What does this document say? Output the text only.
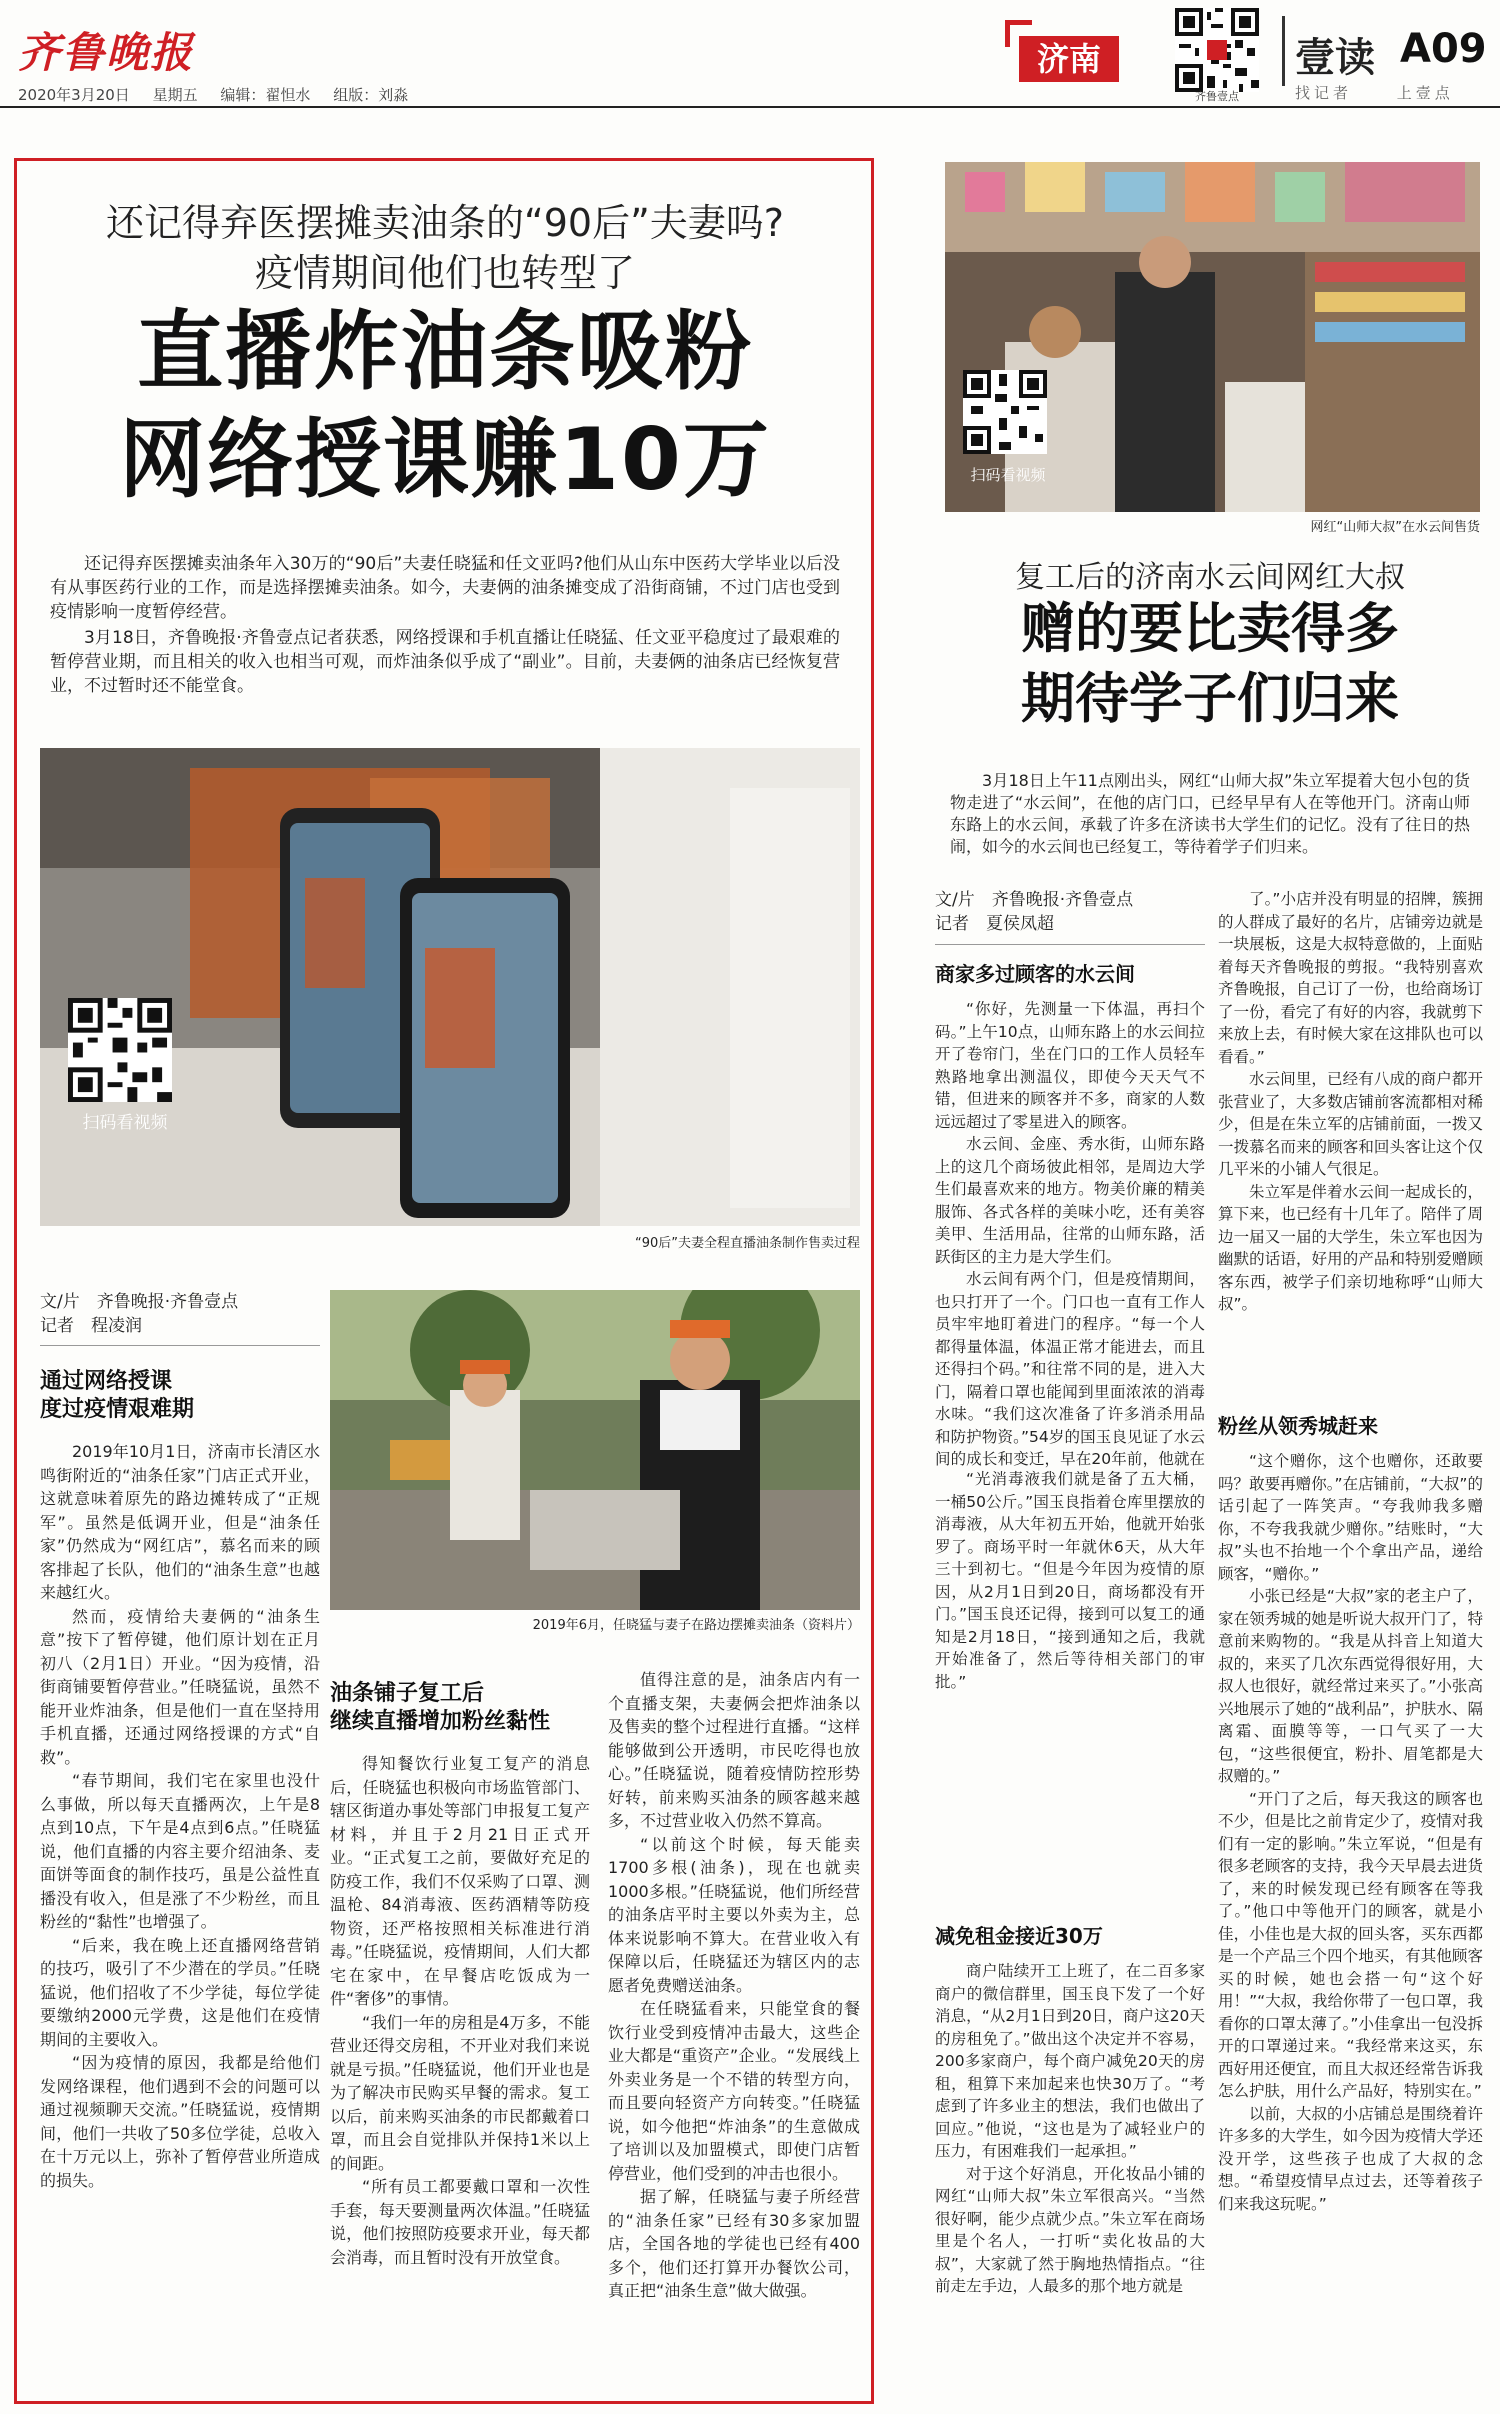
齐鲁晚报
2020年3月20日 星期五 编辑：翟怛水 组版：刘淼
济南
齐鲁壹点
壹读 A09
找记者	上壹点
还记得弃医摆摊卖油条的“90后”夫妻吗?
疫情期间他们也转型了
直播炸油条吸粉
网络授课赚10万

还记得弃医摆摊卖油条年入30万的“90后”夫妻任晓猛和任文亚吗?他们从山东中医药大学毕业以后没有从事医药行业的工作，而是选择摆摊卖油条。如今，夫妻俩的油条摊变成了沿街商铺，不过门店也受到疫情影响一度暂停经营。

3月18日，齐鲁晚报·齐鲁壹点记者获悉，网络授课和手机直播让任晓猛、任文亚平稳度过了最艰难的暂停营业期，而且相关的收入也相当可观，而炸油条似乎成了“副业”。目前，夫妻俩的油条店已经恢复营业，不过暂时还不能堂食。

扫码看视频
“90后”夫妻全程直播油条制作售卖过程
文/片　齐鲁晚报·齐鲁壹点
记者　程凌润
2019年6月，任晓猛与妻子在路边摆摊卖油条（资料片）
通过网络授课
度过疫情艰难期

2019年10月1日，济南市长清区水鸣街附近的“油条任家”门店正式开业，这就意味着原先的路边摊转成了“正规军”。虽然是低调开业，但是“油条任家”仍然成为“网红店”，慕名而来的顾客排起了长队，他们的“油条生意”也越来越红火。

然而，疫情给夫妻俩的“油条生意”按下了暂停键，他们原计划在正月初八（2月1日）开业。“因为疫情，沿街商铺要暂停营业。”任晓猛说，虽然不能开业炸油条，但是他们一直在坚持用手机直播，还通过网络授课的方式“自救”。

“春节期间，我们宅在家里也没什么事做，所以每天直播两次，上午是8点到10点，下午是4点到6点。”任晓猛说，他们直播的内容主要介绍油条、麦面饼等面食的制作技巧，虽是公益性直播没有收入，但是涨了不少粉丝，而且粉丝的“黏性”也增强了。

“后来，我在晚上还直播网络营销的技巧，吸引了不少潜在的学员。”任晓猛说，他们招收了不少学徒，每位学徒要缴纳2000元学费，这是他们在疫情期间的主要收入。

“因为疫情的原因，我都是给他们发网络课程，他们遇到不会的问题可以通过视频聊天交流。”任晓猛说，疫情期间，他们一共收了50多位学徒，总收入在十万元以上，弥补了暂停营业所造成的损失。

油条铺子复工后
继续直播增加粉丝黏性

得知餐饮行业复工复产的消息后，任晓猛也积极向市场监管部门、辖区街道办事处等部门申报复工复产材料，并且于2月21日正式开业。“正式复工之前，要做好充足的防疫工作，我们不仅采购了口罩、测温枪、84消毒液、医药酒精等防疫物资，还严格按照相关标准进行消毒。”任晓猛说，疫情期间，人们大都宅在家中，在早餐店吃饭成为一件“奢侈”的事情。

“我们一年的房租是4万多，不能营业还得交房租，不开业对我们来说就是亏损。”任晓猛说，他们开业也是为了解决市民购买早餐的需求。复工以后，前来购买油条的市民都戴着口罩，而且会自觉排队并保持1米以上的间距。

“所有员工都要戴口罩和一次性手套，每天要测量两次体温。”任晓猛说，他们按照防疫要求开业，每天都会消毒，而且暂时没有开放堂食。

值得注意的是，油条店内有一个直播支架，夫妻俩会把炸油条以及售卖的整个过程进行直播。“这样能够做到公开透明，市民吃得也放心。”任晓猛说，随着疫情防控形势好转，前来购买油条的顾客越来越多，不过营业收入仍然不算高。

“以前这个时候，每天能卖1700多根(油条)，现在也就卖1000多根。”任晓猛说，他们所经营的油条店平时主要以外卖为主，总体来说影响不算大。在营业收入有保障以后，任晓猛还为辖区内的志愿者免费赠送油条。

在任晓猛看来，只能堂食的餐饮行业受到疫情冲击最大，这些企业大都是“重资产”企业。“发展线上外卖业务是一个不错的转型方向，而且要向轻资产方向转变。”任晓猛说，如今他把“炸油条”的生意做成了培训以及加盟模式，即使门店暂停营业，他们受到的冲击也很小。

据了解，任晓猛与妻子所经营的“油条任家”已经有30多家加盟店，全国各地的学徒也已经有400多个，他们还打算开办餐饮公司，真正把“油条生意”做大做强。

扫码看视频
网红“山师大叔”在水云间售货
复工后的济南水云间网红大叔
赠的要比卖得多
期待学子们归来

3月18日上午11点刚出头，网红“山师大叔”朱立军提着大包小包的货物走进了“水云间”，在他的店门口，已经早早有人在等他开门。济南山师东路上的水云间，承载了许多在济读书大学生们的记忆。没有了往日的热闹，如今的水云间也已经复工，等待着学子们归来。

文/片　齐鲁晚报·齐鲁壹点
记者　夏侯凤超
商家多过顾客的水云间

“你好，先测量一下体温，再扫个码。”上午10点，山师东路上的水云间拉开了卷帘门，坐在门口的工作人员轻车熟路地拿出测温仪，即使今天天气不错，但进来的顾客并不多，商家的人数远远超过了零星进入的顾客。

水云间、金座、秀水街，山师东路上的这几个商场彼此相邻，是周边大学生们最喜欢来的地方。物美价廉的精美服饰、各式各样的美味小吃，还有美容美甲、生活用品，往常的山师东路，活跃街区的主力是大学生们。

水云间有两个门，但是疫情期间，也只打开了一个。门口也一直有工作人员牢牢地盯着进门的程序。“每一个人都得量体温，体温正常才能进去，而且还得扫个码。”和往常不同的是，进入大门，隔着口罩也能闻到里面浓浓的消毒水味。“我们这次准备了许多消杀用品和防护物资。”54岁的国玉良见证了水云间的成长和变迁，早在20年前，他就在

“光消毒液我们就是备了五大桶，一桶50公斤。”国玉良指着仓库里摆放的消毒液，从大年初五开始，他就开始张罗了。商场平时一年就休6天，从大年三十到初七。“但是今年因为疫情的原因，从2月1日到20日，商场都没有开门。”国玉良还记得，接到可以复工的通知是2月18日，“接到通知之后，我就开始准备了，然后等待相关部门的审批。”

减免租金接近30万

商户陆续开工上班了，在二百多家商户的微信群里，国玉良下发了一个好消息，“从2月1日到20日，商户这20天的房租免了。”做出这个决定并不容易，200多家商户，每个商户减免20天的房租，租算下来加起来也快30万了。“考虑到了许多业主的想法，我们也做出了回应。”他说，“这也是为了减轻业户的压力，有困难我们一起承担。”

对于这个好消息，开化妆品小铺的网红“山师大叔”朱立军很高兴。“当然很好啊，能少点就少点。”朱立军在商场里是个名人，一打听“卖化妆品的大叔”，大家就了然于胸地热情指点。“往前走左手边，人最多的那个地方就是

了。”小店并没有明显的招牌，簇拥的人群成了最好的名片，店铺旁边就是一块展板，这是大叔特意做的，上面贴着每天齐鲁晚报的剪报。“我特别喜欢齐鲁晚报，自己订了一份，也给商场订了一份，看完了有好的内容，我就剪下来放上去，有时候大家在这排队也可以看看。”

水云间里，已经有八成的商户都开张营业了，大多数店铺前客流都相对稀少，但是在朱立军的店铺前面，一拨又一拨慕名而来的顾客和回头客让这个仅几平米的小铺人气很足。

朱立军是伴着水云间一起成长的，算下来，也已经有十几年了。陪伴了周边一届又一届的大学生，朱立军也因为幽默的话语，好用的产品和特别爱赠顾客东西，被学子们亲切地称呼“山师大叔”。

粉丝从领秀城赶来

“这个赠你，这个也赠你，还敢要吗？敢要再赠你。”在店铺前，“大叔”的话引起了一阵笑声。“夸我帅我多赠你，不夸我我就少赠你。”结账时，“大叔”头也不抬地一个个拿出产品，递给顾客，“赠你。”

小张已经是“大叔”家的老主户了，家在领秀城的她是听说大叔开门了，特意前来购物的。“我是从抖音上知道大叔的，来买了几次东西觉得很好用，大叔人也很好，就经常过来买了。”小张高兴地展示了她的“战利品”，护肤水、隔离霜、面膜等等，一口气买了一大包，“这些很便宜，粉扑、眉笔都是大叔赠的。”

“开门了之后，每天我这的顾客也不少，但是比之前肯定少了，疫情对我们有一定的影响。”朱立军说，“但是有很多老顾客的支持，我今天早晨去进货了，来的时候发现已经有顾客在等我了。”他口中等他开门的顾客，就是小佳，小佳也是大叔的回头客，买东西都是一个产品三个四个地买，有其他顾客买的时候，她也会搭一句“这个好用！”“大叔，我给你带了一包口罩，我看你的口罩太薄了。”小佳拿出一包没拆开的口罩递过来。“我经常来这买，东西好用还便宜，而且大叔还经常告诉我怎么护肤，用什么产品好，特别实在。”

以前，大叔的小店铺总是围绕着许许多多的大学生，如今因为疫情大学还没开学，这些孩子也成了大叔的念想。“希望疫情早点过去，还等着孩子们来我这玩呢。”
